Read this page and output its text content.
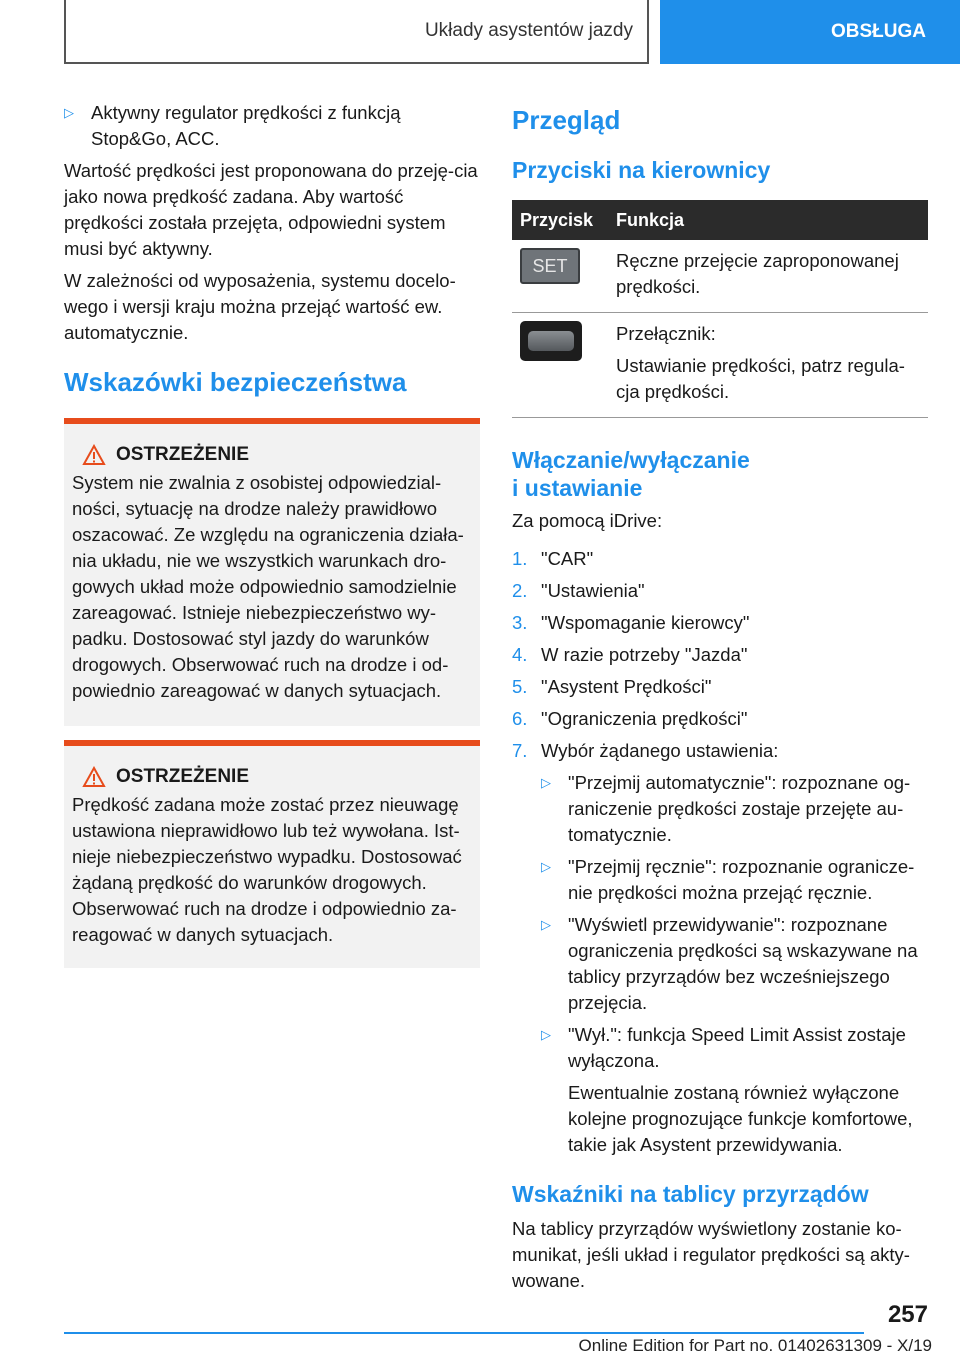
Układy asystentów jazdy	OBSŁUGA
▷ Aktywny regulator prędkości z funkcją Stop&Go, ACC.

Wartość prędkości jest proponowana do przeję-cia jako nowa prędkość zadana. Aby wartość prędkości została przejęta, odpowiedni system musi być aktywny.

W zależności od wyposażenia, systemu docelo-wego i wersji kraju można przejąć wartość ew. automatycznie.

Wskazówki bezpieczeństwa
OSTRZEŻENIE

System nie zwalnia z osobistej odpowiedzial-ności, sytuację na drodze należy prawidłowo oszacować. Ze względu na ograniczenia działa-nia układu, nie we wszystkich warunkach dro-gowych układ może odpowiednio samodzielnie zareagować. Istnieje niebezpieczeństwo wy-padku. Dostosować styl jazdy do warunków drogowych. Obserwować ruch na drodze i od-powiednio zareagować w danych sytuacjach.

OSTRZEŻENIE

Prędkość zadana może zostać przez nieuwagę ustawiona nieprawidłowo lub też wywołana. Ist-nieje niebezpieczeństwo wypadku. Dostosować żądaną prędkość do warunków drogowych. Obserwować ruch na drodze i odpowiednio za-reagować w danych sytuacjach.

Przegląd
Przyciski na kierownicy
Przycisk	Funkcja

SET	Ręczne przejęcie zaproponowanej prędkości.

	Przełącznik:

Ustawianie prędkości, patrz regula-cja prędkości.

Włączanie/wyłączanie
i ustawianie

Za pomocą iDrive:

1. "CAR"
2. "Ustawienia"
3. "Wspomaganie kierowcy"
4. W razie potrzeby "Jazda"
5. "Asystent Prędkości"
6. "Ograniczenia prędkości"
7. Wybór żądanego ustawienia:
▷ "Przejmij automatycznie": rozpoznane og-raniczenie prędkości zostaje przejęte au-tomatycznie.

▷ "Przejmij ręcznie": rozpoznanie ogranicze-nie prędkości można przejąć ręcznie.

▷ "Wyświetl przewidywanie": rozpoznane ograniczenia prędkości są wskazywane na tablicy przyrządów bez wcześniejszego przejęcia.

▷ "Wył.": funkcja Speed Limit Assist zostaje wyłączona.

Ewentualnie zostaną również wyłączone kolejne prognozujące funkcje komfortowe, takie jak Asystent przewidywania.

Wskaźniki na tablicy przyrządów

Na tablicy przyrządów wyświetlony zostanie ko-munikat, jeśli układ i regulator prędkości są akty-wowane.

257
Online Edition for Part no. 01402631309 - X/19
